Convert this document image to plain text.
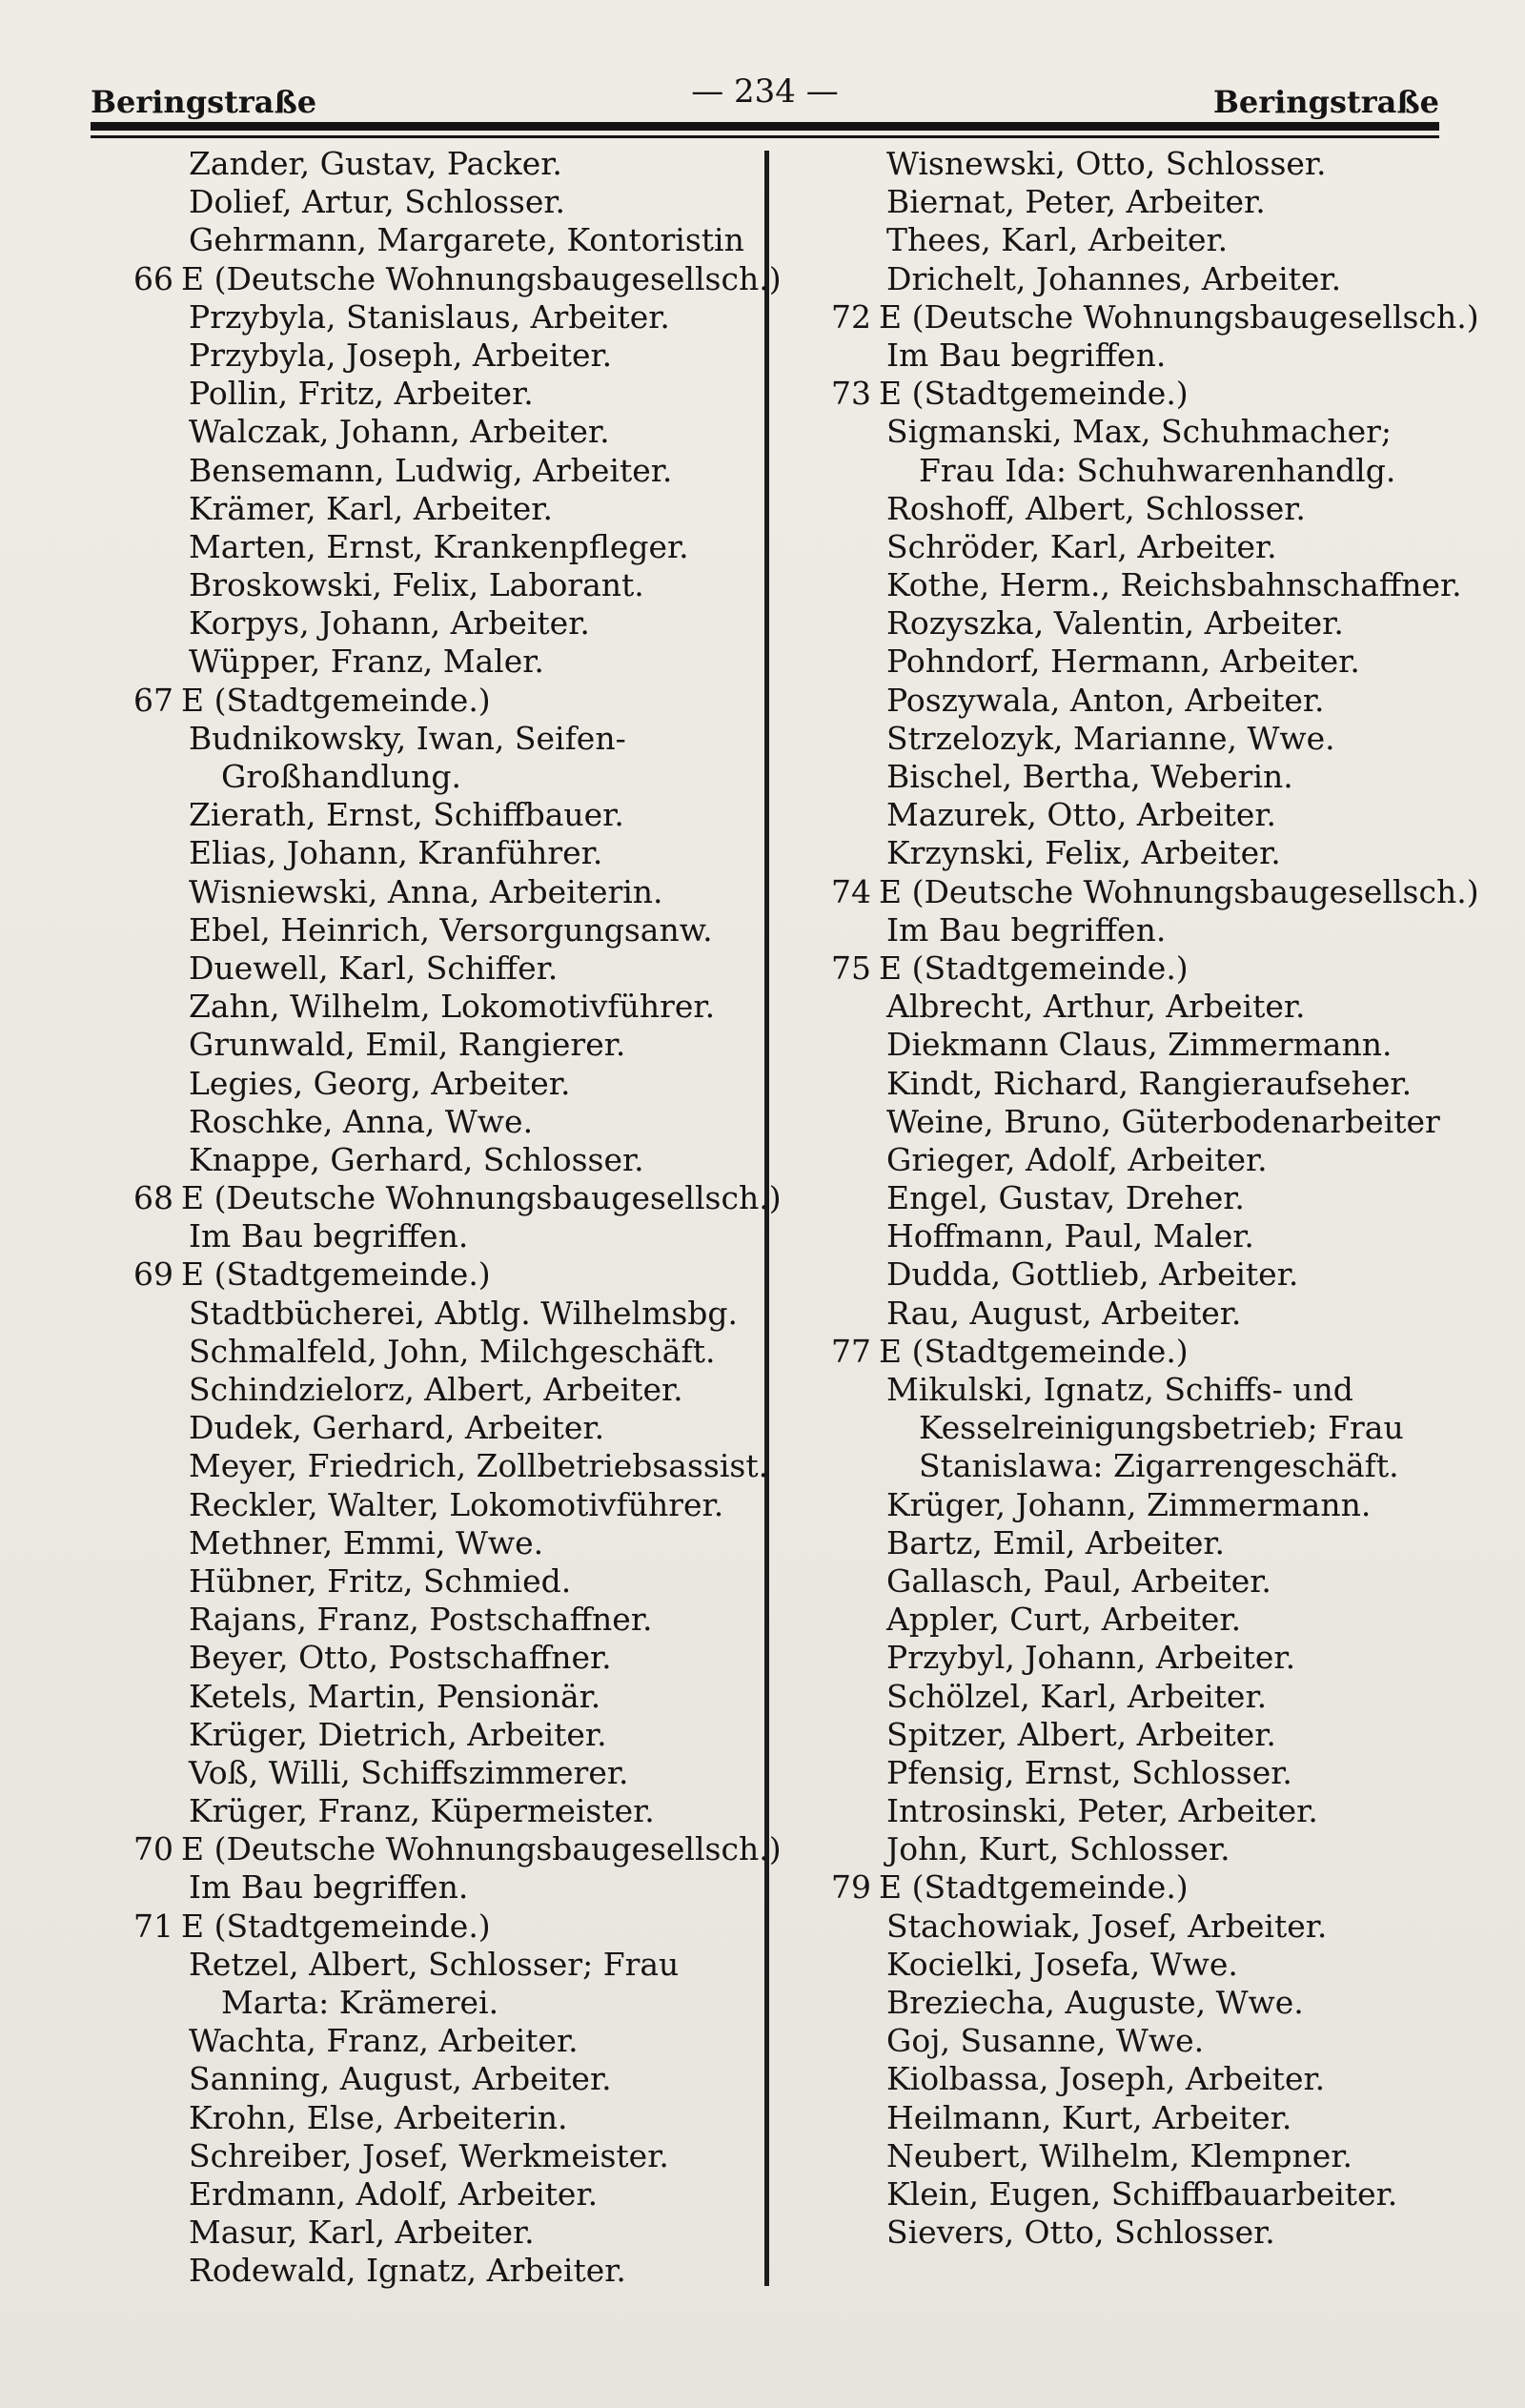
Beringstraße	— 234 —	Beringstraße
Zander, Gustav, Packer.
Dolief, Artur, Schlosser.
Gehrmann, Margarete, Kontoristin
66 E (Deutsche Wohnungsbaugesellsch.)
Przybyla, Stanislaus, Arbeiter.
Przybyla, Joseph, Arbeiter.
Pollin, Fritz, Arbeiter.
Walczak, Johann, Arbeiter.
Bensemann, Ludwig, Arbeiter.
Krämer, Karl, Arbeiter.
Marten, Ernst, Krankenpfleger.
Broskowski, Felix, Laborant.
Korpys, Johann, Arbeiter.
Wüpper, Franz, Maler.
67 E (Stadtgemeinde.)
Budnikowsky, Iwan, Seifen-
Großhandlung.
Zierath, Ernst, Schiffbauer.
Elias, Johann, Kranführer.
Wisniewski, Anna, Arbeiterin.
Ebel, Heinrich, Versorgungsanw.
Duewell, Karl, Schiffer.
Zahn, Wilhelm, Lokomotivführer.
Grunwald, Emil, Rangierer.
Legies, Georg, Arbeiter.
Roschke, Anna, Wwe.
Knappe, Gerhard, Schlosser.
68 E (Deutsche Wohnungsbaugesellsch.)
Im Bau begriffen.
69 E (Stadtgemeinde.)
Stadtbücherei, Abtlg. Wilhelmsbg.
Schmalfeld, John, Milchgeschäft.
Schindzielorz, Albert, Arbeiter.
Dudek, Gerhard, Arbeiter.
Meyer, Friedrich, Zollbetriebsassist.
Reckler, Walter, Lokomotivführer.
Methner, Emmi, Wwe.
Hübner, Fritz, Schmied.
Rajans, Franz, Postschaffner.
Beyer, Otto, Postschaffner.
Ketels, Martin, Pensionär.
Krüger, Dietrich, Arbeiter.
Voß, Willi, Schiffszimmerer.
Krüger, Franz, Küpermeister.
70 E (Deutsche Wohnungsbaugesellsch.)
Im Bau begriffen.
71 E (Stadtgemeinde.)
Retzel, Albert, Schlosser; Frau
Marta: Krämerei.
Wachta, Franz, Arbeiter.
Sanning, August, Arbeiter.
Krohn, Else, Arbeiterin.
Schreiber, Josef, Werkmeister.
Erdmann, Adolf, Arbeiter.
Masur, Karl, Arbeiter.
Rodewald, Ignatz, Arbeiter.
Wisnewski, Otto, Schlosser.
Biernat, Peter, Arbeiter.
Thees, Karl, Arbeiter.
Drichelt, Johannes, Arbeiter.
72 E (Deutsche Wohnungsbaugesellsch.)
Im Bau begriffen.
73 E (Stadtgemeinde.)
Sigmanski, Max, Schuhmacher;
Frau Ida: Schuhwarenhandlg.
Roshoff, Albert, Schlosser.
Schröder, Karl, Arbeiter.
Kothe, Herm., Reichsbahnschaffner.
Rozyszka, Valentin, Arbeiter.
Pohndorf, Hermann, Arbeiter.
Poszywala, Anton, Arbeiter.
Strzelozyk, Marianne, Wwe.
Bischel, Bertha, Weberin.
Mazurek, Otto, Arbeiter.
Krzynski, Felix, Arbeiter.
74 E (Deutsche Wohnungsbaugesellsch.)
Im Bau begriffen.
75 E (Stadtgemeinde.)
Albrecht, Arthur, Arbeiter.
Diekmann Claus, Zimmermann.
Kindt, Richard, Rangieraufseher.
Weine, Bruno, Güterbodenarbeiter
Grieger, Adolf, Arbeiter.
Engel, Gustav, Dreher.
Hoffmann, Paul, Maler.
Dudda, Gottlieb, Arbeiter.
Rau, August, Arbeiter.
77 E (Stadtgemeinde.)
Mikulski, Ignatz, Schiffs- und
Kesselreinigungsbetrieb; Frau
Stanislawa: Zigarrengeschäft.
Krüger, Johann, Zimmermann.
Bartz, Emil, Arbeiter.
Gallasch, Paul, Arbeiter.
Appler, Curt, Arbeiter.
Przybyl, Johann, Arbeiter.
Schölzel, Karl, Arbeiter.
Spitzer, Albert, Arbeiter.
Pfensig, Ernst, Schlosser.
Introsinski, Peter, Arbeiter.
John, Kurt, Schlosser.
79 E (Stadtgemeinde.)
Stachowiak, Josef, Arbeiter.
Kocielki, Josefa, Wwe.
Breziecha, Auguste, Wwe.
Goj, Susanne, Wwe.
Kiolbassa, Joseph, Arbeiter.
Heilmann, Kurt, Arbeiter.
Neubert, Wilhelm, Klempner.
Klein, Eugen, Schiffbauarbeiter.
Sievers, Otto, Schlosser.
